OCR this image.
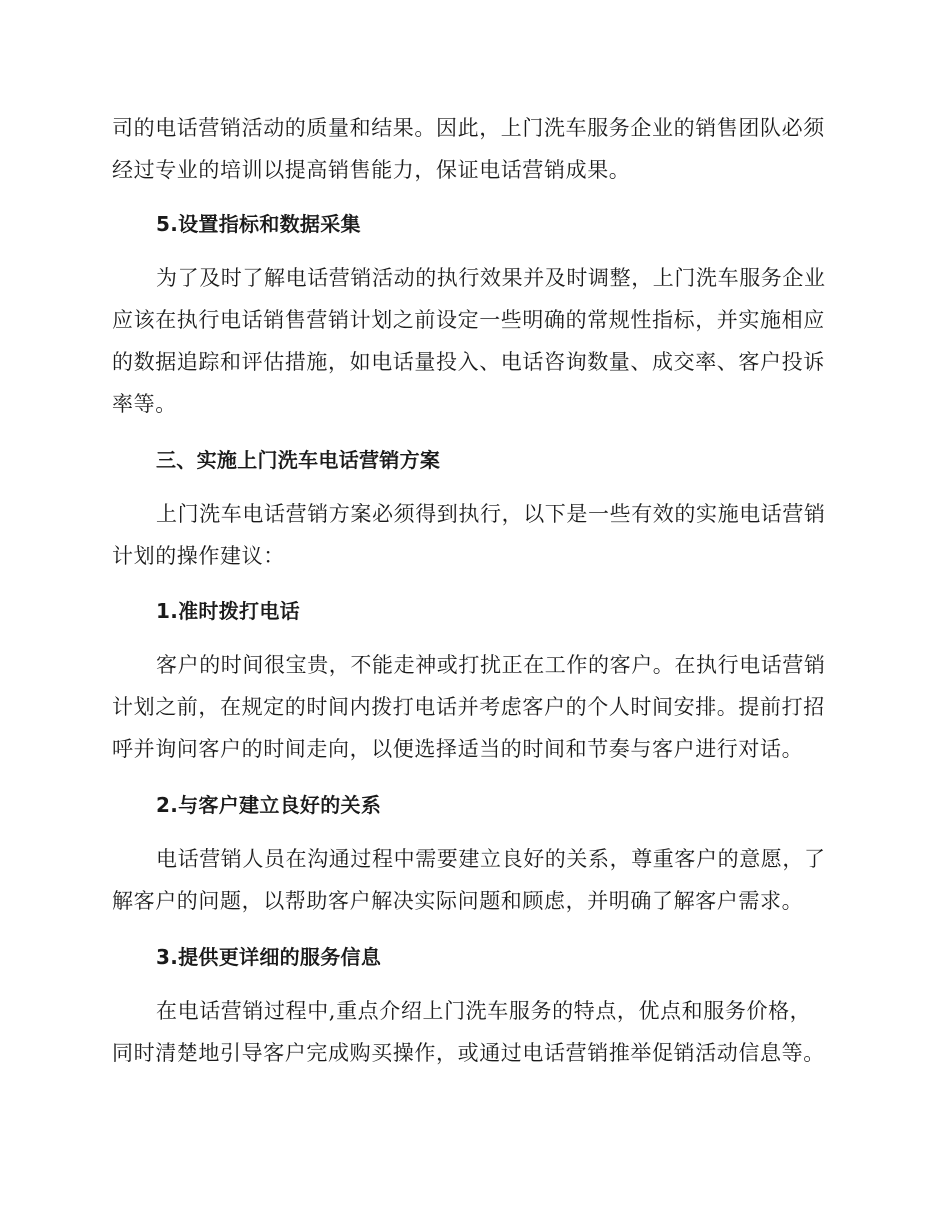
司的电话营销活动的质量和结果。因此，上门洗车服务企业的销售团队必须
经过专业的培训以提高销售能力，保证电话营销成果。
5.设置指标和数据采集
为了及时了解电话营销活动的执行效果并及时调整，上门洗车服务企业
应该在执行电话销售营销计划之前设定一些明确的常规性指标，并实施相应
的数据追踪和评估措施，如电话量投入、电话咨询数量、成交率、客户投诉
率等。
三、实施上门洗车电话营销方案
上门洗车电话营销方案必须得到执行，以下是一些有效的实施电话营销
计划的操作建议：
1.准时拨打电话
客户的时间很宝贵，不能走神或打扰正在工作的客户。在执行电话营销
计划之前，在规定的时间内拨打电话并考虑客户的个人时间安排。提前打招
呼并询问客户的时间走向，以便选择适当的时间和节奏与客户进行对话。
2.与客户建立良好的关系
电话营销人员在沟通过程中需要建立良好的关系，尊重客户的意愿，了
解客户的问题，以帮助客户解决实际问题和顾虑，并明确了解客户需求。
3.提供更详细的服务信息
在电话营销过程中,重点介绍上门洗车服务的特点，优点和服务价格，
同时清楚地引导客户完成购买操作，或通过电话营销推举促销活动信息等。
